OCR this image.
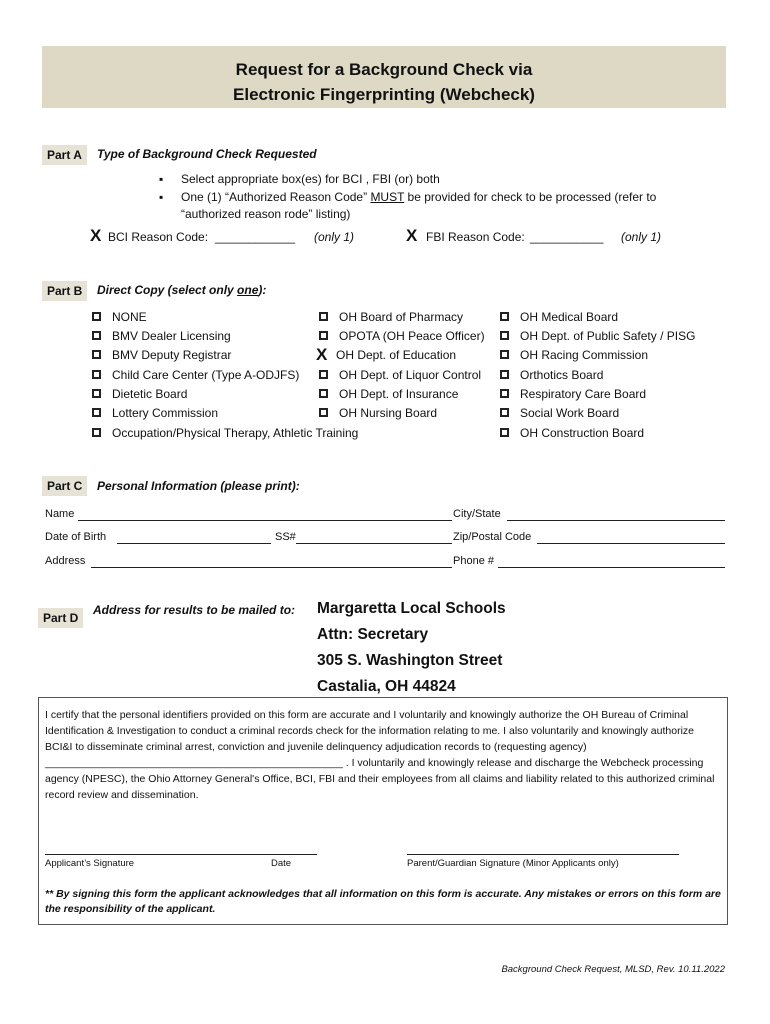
Request for a Background Check via
Electronic Fingerprinting (Webcheck)
Part A	Type of Background Check Requested
▪ Select appropriate box(es) for BCI , FBI (or) both
▪ One (1) “Authorized Reason Code” MUST be provided for check to be processed (refer to
“authorized reason rode” listing)
X BCI Reason Code: ____________ (only 1)	X FBI Reason Code: ___________ (only 1)
Part B	Direct Copy (select only one):
NONE
BMV Dealer Licensing
BMV Deputy Registrar
Child Care Center (Type A-ODJFS)
Dietetic Board
Lottery Commission
Occupation/Physical Therapy, Athletic Training
OH Board of Pharmacy
OPOTA (OH Peace Officer)
X OH Dept. of Education
OH Dept. of Liquor Control
OH Dept. of Insurance
OH Nursing Board
OH Medical Board
OH Dept. of Public Safety / PISG
OH Racing Commission
Orthotics Board
Respiratory Care Board
Social Work Board
OH Construction Board
Part C	Personal Information (please print):
Name	City/State
Date of Birth	SS#	Zip/Postal Code
Address	Phone #
Part D
Address for results to be mailed to: Margaretta Local Schools
Attn: Secretary
305 S. Washington Street
Castalia, OH 44824
I certify that the personal identifiers provided on this form are accurate and I voluntarily and knowingly authorize the OH Bureau of Criminal Identification & Investigation to conduct a criminal records check for the information relating to me. I also voluntarily and knowingly authorize BCI&I to disseminate criminal arrest, conviction and juvenile delinquency adjudication records to (requesting agency) ___________________________________________________ . I voluntarily and knowingly release and discharge the Webcheck processing agency (NPESC), the Ohio Attorney General's Office, BCI, FBI and their employees from all claims and liability related to this authorized criminal record review and dissemination.
Applicant’s Signature	Date	Parent/Guardian Signature (Minor Applicants only)
** By signing this form the applicant acknowledges that all information on this form is accurate. Any mistakes or errors on this form are the responsibility of the applicant.
Background Check Request, MLSD, Rev. 10.11.2022
